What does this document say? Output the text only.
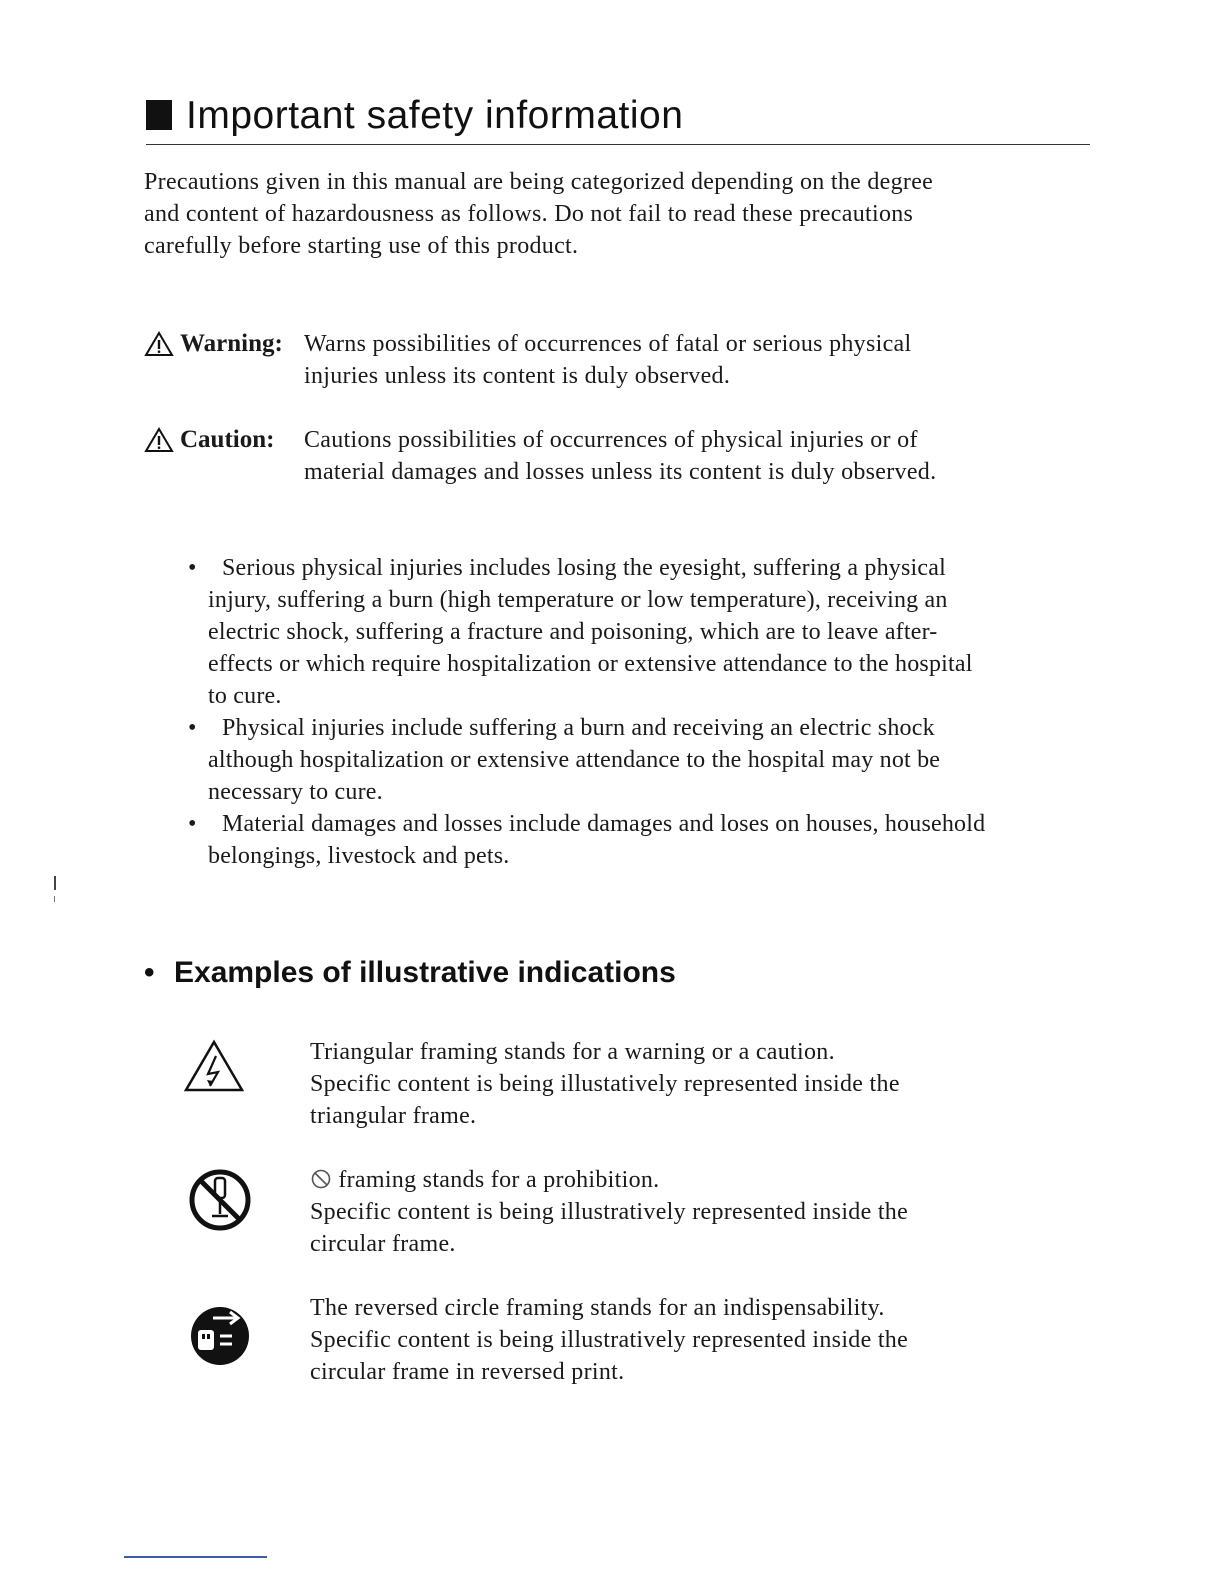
Important safety information

Precautions given in this manual are being categorized depending on the degree

and content of hazardousness as follows. Do not fail to read these precautions

carefully before starting use of this product.

Warning: Warns possibilities of occurrences of fatal or serious physical

injuries unless its content is duly observed.

Caution: Cautions possibilities of occurrences of physical injuries or of

material damages and losses unless its content is duly observed.

•	Serious physical injuries includes losing the eyesight, suffering a physical

injury, suffering a burn (high temperature or low temperature), receiving an

electric shock, suffering a fracture and poisoning, which are to leave after-

effects or which require hospitalization or extensive attendance to the hospital

to cure.

•	Physical injuries include suffering a burn and receiving an electric shock

although hospitalization or extensive attendance to the hospital may not be

necessary to cure.

•	Material damages and losses include damages and loses on houses, household

belongings, livestock and pets.

• Examples of illustrative indications

Triangular framing stands for a warning or a caution.

Specific content is being illustatively represented inside the

triangular frame.

framing stands for a prohibition.

Specific content is being illustratively represented inside the

circular frame.

The reversed circle framing stands for an indispensability.

Specific content is being illustratively represented inside the

circular frame in reversed print.
